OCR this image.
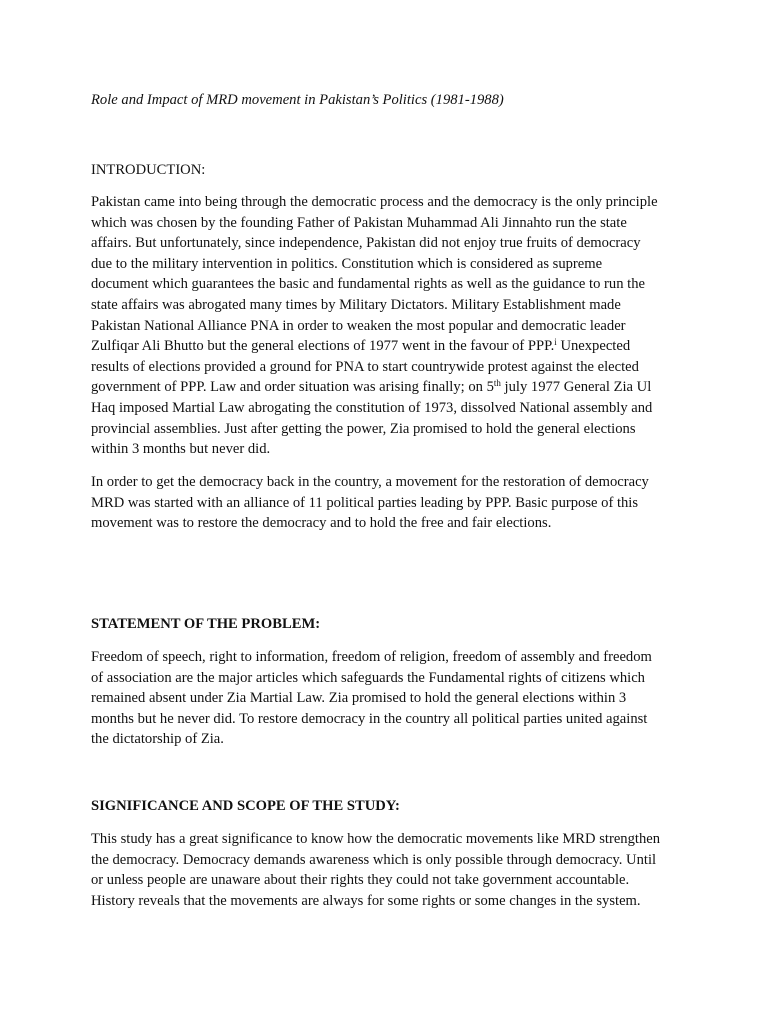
Role and Impact of MRD movement in Pakistan’s Politics (1981-1988)
INTRODUCTION:
Pakistan came into being through the democratic process and the democracy is the only principle
which was chosen by the founding Father of Pakistan Muhammad Ali Jinnahto run the state
affairs. But unfortunately, since independence, Pakistan did not enjoy true fruits of democracy
due to the military intervention in politics. Constitution which is considered as supreme
document which guarantees the basic and fundamental rights as well as the guidance to run the
state affairs was abrogated many times by Military Dictators. Military Establishment made
Pakistan National Alliance PNA in order to weaken the most popular and democratic leader
Zulfiqar Ali Bhutto but the general elections of 1977 went in the favour of PPP.$^i$ Unexpected
results of elections provided a ground for PNA to start countrywide protest against the elected
government of PPP. Law and order situation was arising finally; on 5th july 1977 General Zia Ul
Haq imposed Martial Law abrogating the constitution of 1973, dissolved National assembly and
provincial assemblies. Just after getting the power, Zia promised to hold the general elections
within 3 months but never did.
In order to get the democracy back in the country, a movement for the restoration of democracy
MRD was started with an alliance of 11 political parties leading by PPP. Basic purpose of this
movement was to restore the democracy and to hold the free and fair elections.
STATEMENT OF THE PROBLEM:
Freedom of speech, right to information, freedom of religion, freedom of assembly and freedom
of association are the major articles which safeguards the Fundamental rights of citizens which
remained absent under Zia Martial Law. Zia promised to hold the general elections within 3
months but he never did. To restore democracy in the country all political parties united against
the dictatorship of Zia.
SIGNIFICANCE AND SCOPE OF THE STUDY:
This study has a great significance to know how the democratic movements like MRD strengthen
the democracy. Democracy demands awareness which is only possible through democracy. Until
or unless people are unaware about their rights they could not take government accountable.
History reveals that the movements are always for some rights or some changes in the system.
